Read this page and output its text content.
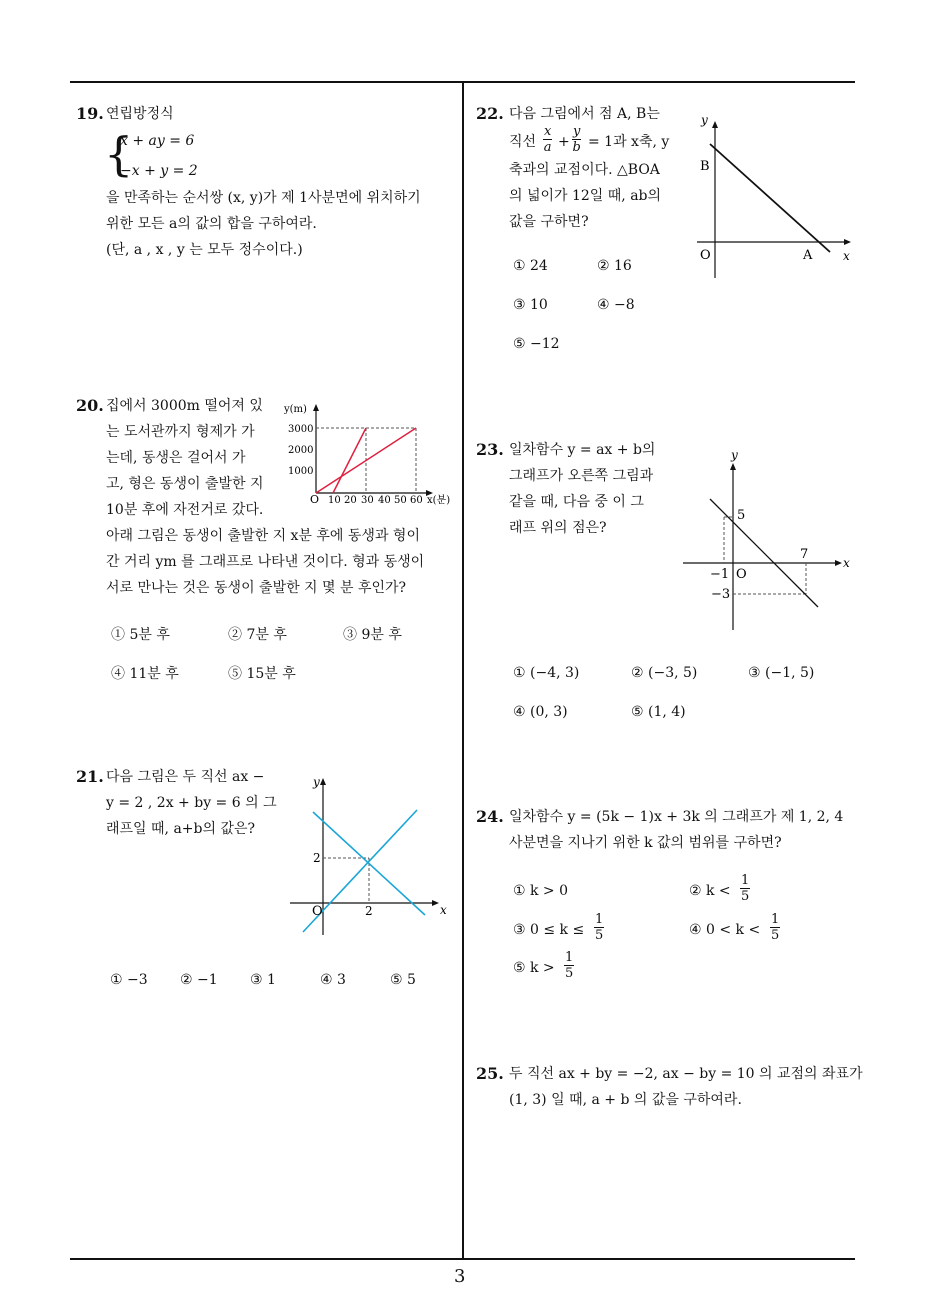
3
19. 연립방정식
{
x + ay = 6
−x + y = 2
을 만족하는 순서쌍 (x, y)가 제 1사분면에 위치하기
위한 모든 a의 값의 합을 구하여라.
(단, a , x , y 는 모두 정수이다.)
20. 집에서 3000m 떨어져 있
는 도서관까지 형제가 가
는데, 동생은 걸어서 가
고, 형은 동생이 출발한 지
10분 후에 자전거로 갔다.
아래 그림은 동생이 출발한 지 x분 후에 동생과 형이
간 거리 ym 를 그래프로 나타낸 것이다. 형과 동생이
서로 만나는 것은 동생이 출발한 지 몇 분 후인가?
y(m)
3000
2000
1000
O 10 20 30 40 50 60 x(분)
① 5분 후	② 7분 후	③ 9분 후
④ 11분 후	⑤ 15분 후
21. 다음 그림은 두 직선 ax −
y = 2 , 2x + by = 6 의 그
래프일 때, a+b의 값은?
y
x
O
2
2
① −3 ② −1 ③ 1	④ 3	⑤ 5
22. 다음 그림에서 점 A, B는
직선
x
a +
y
b = 1과 x축, y
축과의 교점이다. △BOA
의 넓이가 12일 때, ab의
값을 구하면?
y
x
O	A
B
① 24	② 16
③ 10	④ −8
⑤ −12
23. 일차함수 y = ax + b의
그래프가 오른쪽 그림과
같을 때, 다음 중 이 그
래프 위의 점은?
y
x
5
7
−1 O
−3
① (−4, 3)	② (−3, 5)	③ (−1, 5)
④ (0, 3)	⑤ (1, 4)
24. 일차함수 y = (5k − 1)x + 3k 의 그래프가 제 1, 2, 4
사분면을 지나기 위한 k 값의 범위를 구하면?
① k > 0	② k <
1
5
③ 0 ≤ k ≤
1
5	④ 0 < k <
1
5
⑤ k >
1
5
25. 두 직선 ax + by = −2, ax − by = 10 의 교점의 좌표가
(1, 3) 일 때, a + b 의 값을 구하여라.
